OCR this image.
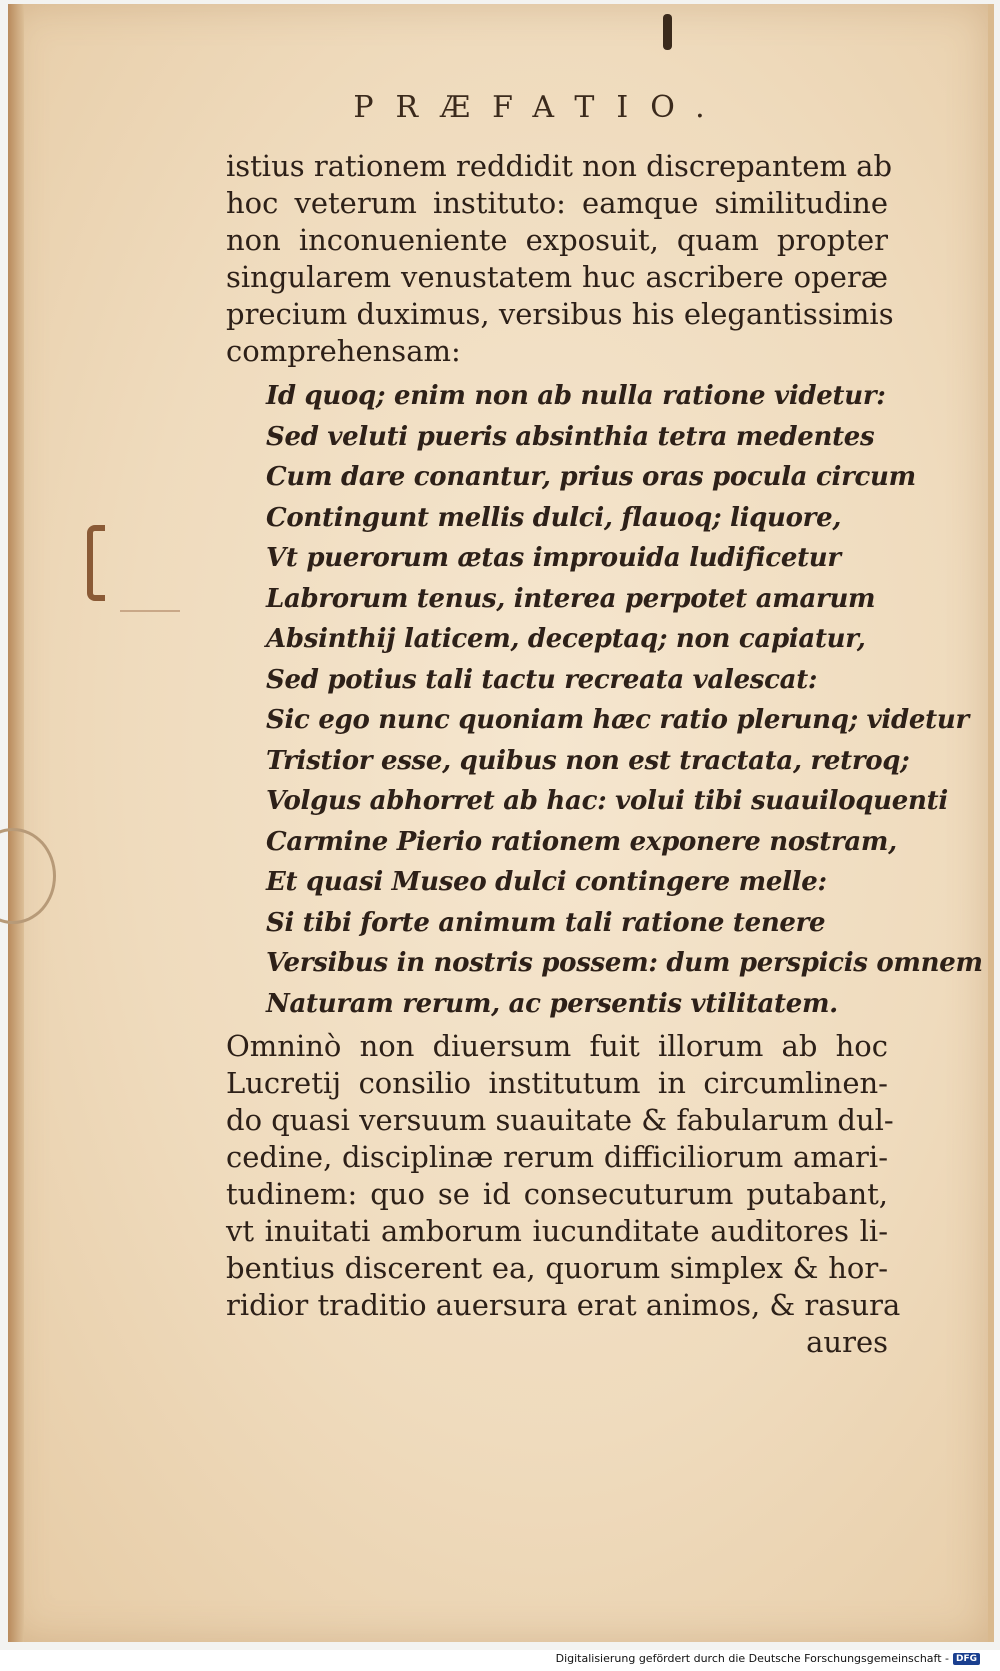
PRÆFATIO.
istius rationem reddidit non discrepantem ab
hoc veterum instituto: eamque similitudine
non inconueniente exposuit, quam propter
singularem venustatem huc ascribere operæ
precium duximus, versibus his elegantissimis
comprehensam:
Id quoq; enim non ab nulla ratione videtur:
Sed veluti pueris absinthia tetra medentes
Cum dare conantur, prius oras pocula circum
Contingunt mellis dulci, flauoq; liquore,
Vt puerorum ætas improuida ludificetur
Labrorum tenus, interea perpotet amarum
Absinthij laticem, deceptaq; non capiatur,
Sed potius tali tactu recreata valescat:
Sic ego nunc quoniam hæc ratio plerunq; videtur
Tristior esse, quibus non est tractata, retroq;
Volgus abhorret ab hac: volui tibi suauiloquenti
Carmine Pierio rationem exponere nostram,
Et quasi Museo dulci contingere melle:
Si tibi forte animum tali ratione tenere
Versibus in nostris possem: dum perspicis omnem
Naturam rerum, ac persentis vtilitatem.
Omninò non diuersum fuit illorum ab hoc
Lucretij consilio institutum in circumlinen-
do quasi versuum suauitate & fabularum dul-
cedine, disciplinæ rerum difficiliorum amari-
tudinem: quo se id consecuturum putabant,
vt inuitati amborum iucunditate auditores li-
bentius discerent ea, quorum simplex & hor-
ridior traditio auersura erat animos, & rasura
aures
Digitalisierung gefördert durch die Deutsche Forschungsgemeinschaft - DFG
